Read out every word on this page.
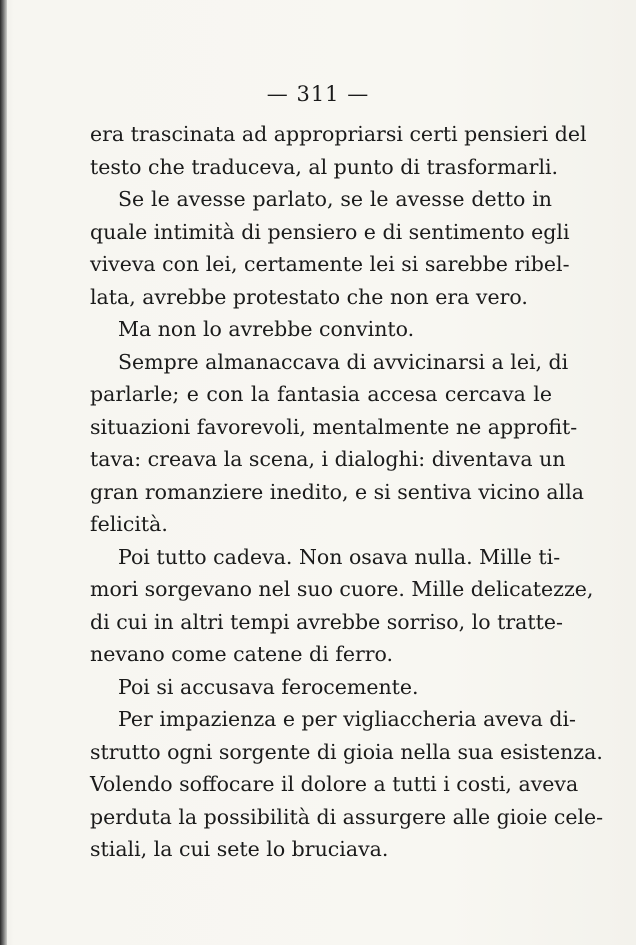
— 311 —
era trascinata ad appropriarsi certi pensieri del
testo che traduceva, al punto di trasformarli.
Se le avesse parlato, se le avesse detto in
quale intimità di pensiero e di sentimento egli
viveva con lei, certamente lei si sarebbe ribel-
lata, avrebbe protestato che non era vero.
Ma non lo avrebbe convinto.
Sempre almanaccava di avvicinarsi a lei, di
parlarle; e con la fantasia accesa cercava le
situazioni favorevoli, mentalmente ne approfit-
tava: creava la scena, i dialoghi: diventava un
gran romanziere inedito, e si sentiva vicino alla
felicità.
Poi tutto cadeva. Non osava nulla. Mille ti-
mori sorgevano nel suo cuore. Mille delicatezze,
di cui in altri tempi avrebbe sorriso, lo tratte-
nevano come catene di ferro.
Poi si accusava ferocemente.
Per impazienza e per vigliaccheria aveva di-
strutto ogni sorgente di gioia nella sua esistenza.
Volendo soffocare il dolore a tutti i costi, aveva
perduta la possibilità di assurgere alle gioie cele-
stiali, la cui sete lo bruciava.
